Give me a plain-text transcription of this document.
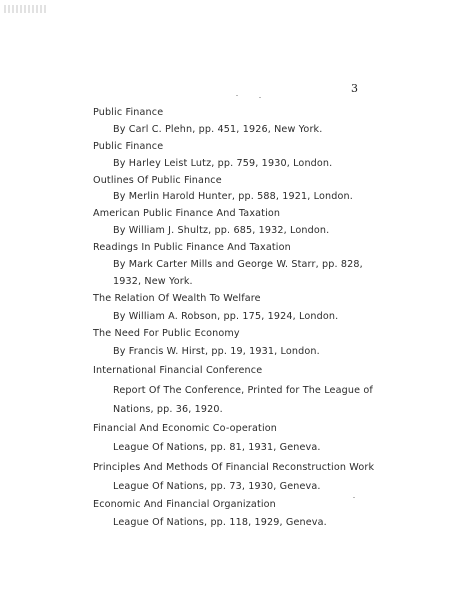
3
Public Finance
By Carl C. Plehn, pp. 451, 1926, New York.
Public Finance
By Harley Leist Lutz, pp. 759, 1930, London.
Outlines Of Public Finance
By Merlin Harold Hunter, pp. 588, 1921, London.
American Public Finance And Taxation
By William J. Shultz, pp. 685, 1932, London.
Readings In Public Finance And Taxation
By Mark Carter Mills and George W. Starr, pp. 828,
1932, New York.
The Relation Of Wealth To Welfare
By William A. Robson, pp. 175, 1924, London.
The Need For Public Economy
By Francis W. Hirst, pp. 19, 1931, London.
International Financial Conference
Report Of The Conference, Printed for The League of
Nations, pp. 36, 1920.
Financial And Economic Co-operation
League Of Nations, pp. 81, 1931, Geneva.
Principles And Methods Of Financial Reconstruction Work
League Of Nations, pp. 73, 1930, Geneva.
Economic And Financial Organization
League Of Nations, pp. 118, 1929, Geneva.
